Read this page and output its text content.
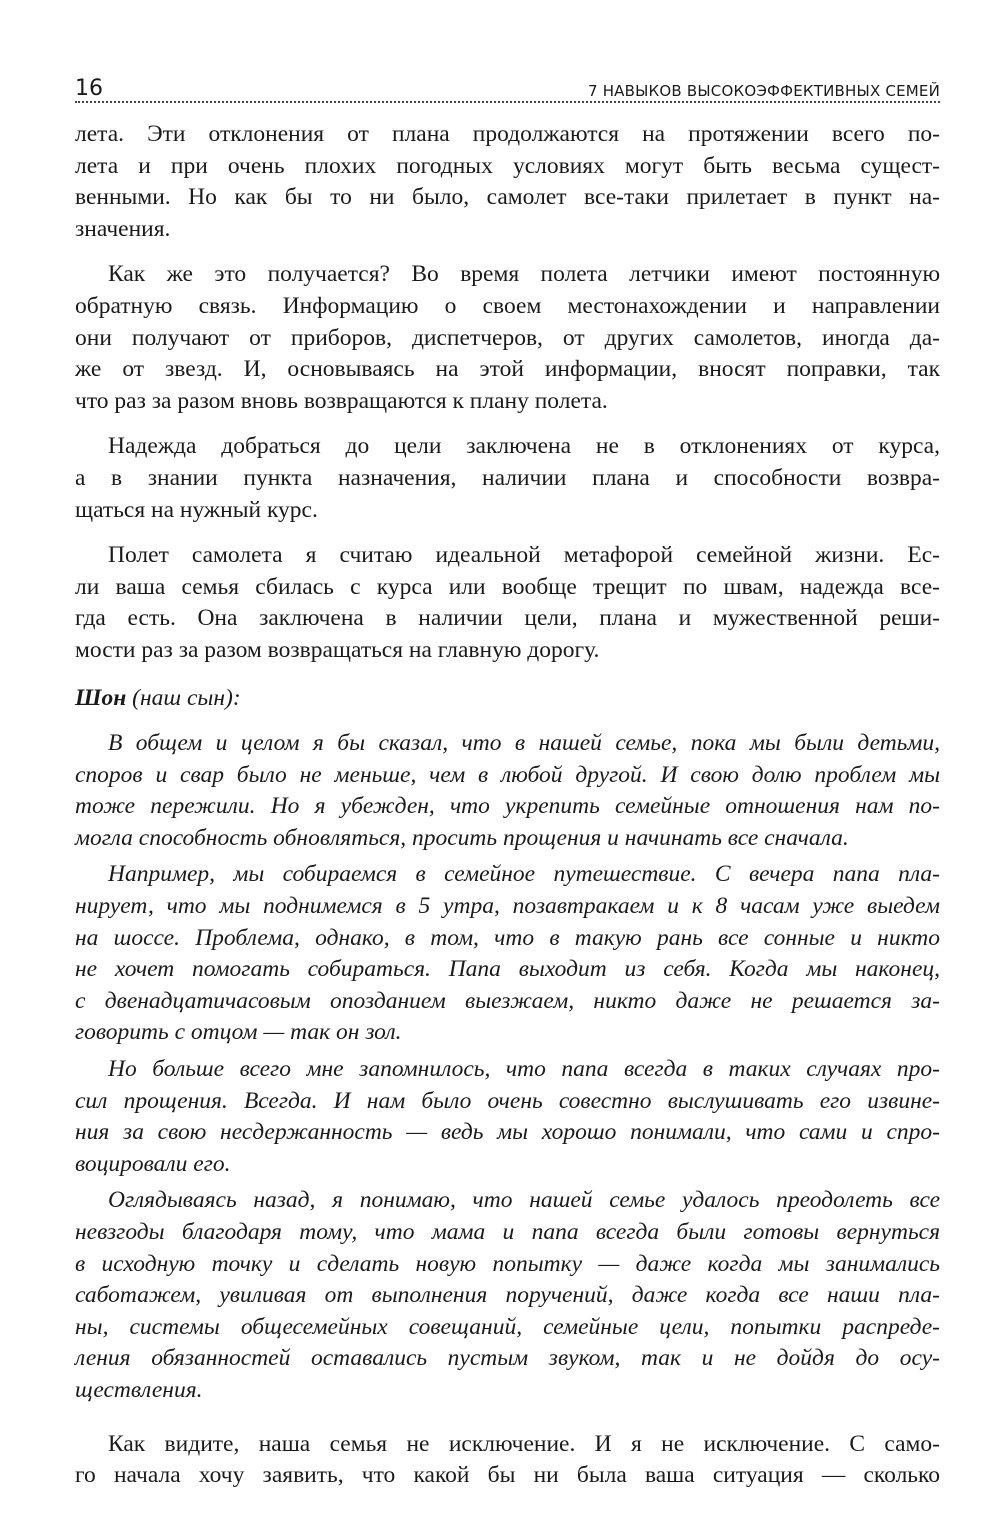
16	7 НАВЫКОВ ВЫСОКОЭФФЕКТИВНЫХ СЕМЕЙ
лета. Эти отклонения от плана продолжаются на протяжении всего по-
лета и при очень плохих погодных условиях могут быть весьма сущест-
венными. Но как бы то ни было, самолет все-таки прилетает в пункт на-
значения.
Как же это получается? Во время полета летчики имеют постоянную
обратную связь. Информацию о своем местонахождении и направлении
они получают от приборов, диспетчеров, от других самолетов, иногда да-
же от звезд. И, основываясь на этой информации, вносят поправки, так
что раз за разом вновь возвращаются к плану полета.
Надежда добраться до цели заключена не в отклонениях от курса,
а в знании пункта назначения, наличии плана и способности возвра-
щаться на нужный курс.
Полет самолета я считаю идеальной метафорой семейной жизни. Ес-
ли ваша семья сбилась с курса или вообще трещит по швам, надежда все-
гда есть. Она заключена в наличии цели, плана и мужественной реши-
мости раз за разом возвращаться на главную дорогу.
Шон (наш сын):
В общем и целом я бы сказал, что в нашей семье, пока мы были детьми,
споров и свар было не меньше, чем в любой другой. И свою долю проблем мы
тоже пережили. Но я убежден, что укрепить семейные отношения нам по-
могла способность обновляться, просить прощения и начинать все сначала.
Например, мы собираемся в семейное путешествие. С вечера папа пла-
нирует, что мы поднимемся в 5 утра, позавтракаем и к 8 часам уже выедем
на шоссе. Проблема, однако, в том, что в такую рань все сонные и никто
не хочет помогать собираться. Папа выходит из себя. Когда мы наконец,
с двенадцатичасовым опозданием выезжаем, никто даже не решается за-
говорить с отцом — так он зол.
Но больше всего мне запомнилось, что папа всегда в таких случаях про-
сил прощения. Всегда. И нам было очень совестно выслушивать его извине-
ния за свою несдержанность — ведь мы хорошо понимали, что сами и спро-
воцировали его.
Оглядываясь назад, я понимаю, что нашей семье удалось преодолеть все
невзгоды благодаря тому, что мама и папа всегда были готовы вернуться
в исходную точку и сделать новую попытку — даже когда мы занимались
саботажем, увиливая от выполнения поручений, даже когда все наши пла-
ны, системы общесемейных совещаний, семейные цели, попытки распреде-
ления обязанностей оставались пустым звуком, так и не дойдя до осу-
ществления.
Как видите, наша семья не исключение. И я не исключение. С само-
го начала хочу заявить, что какой бы ни была ваша ситуация — сколько
